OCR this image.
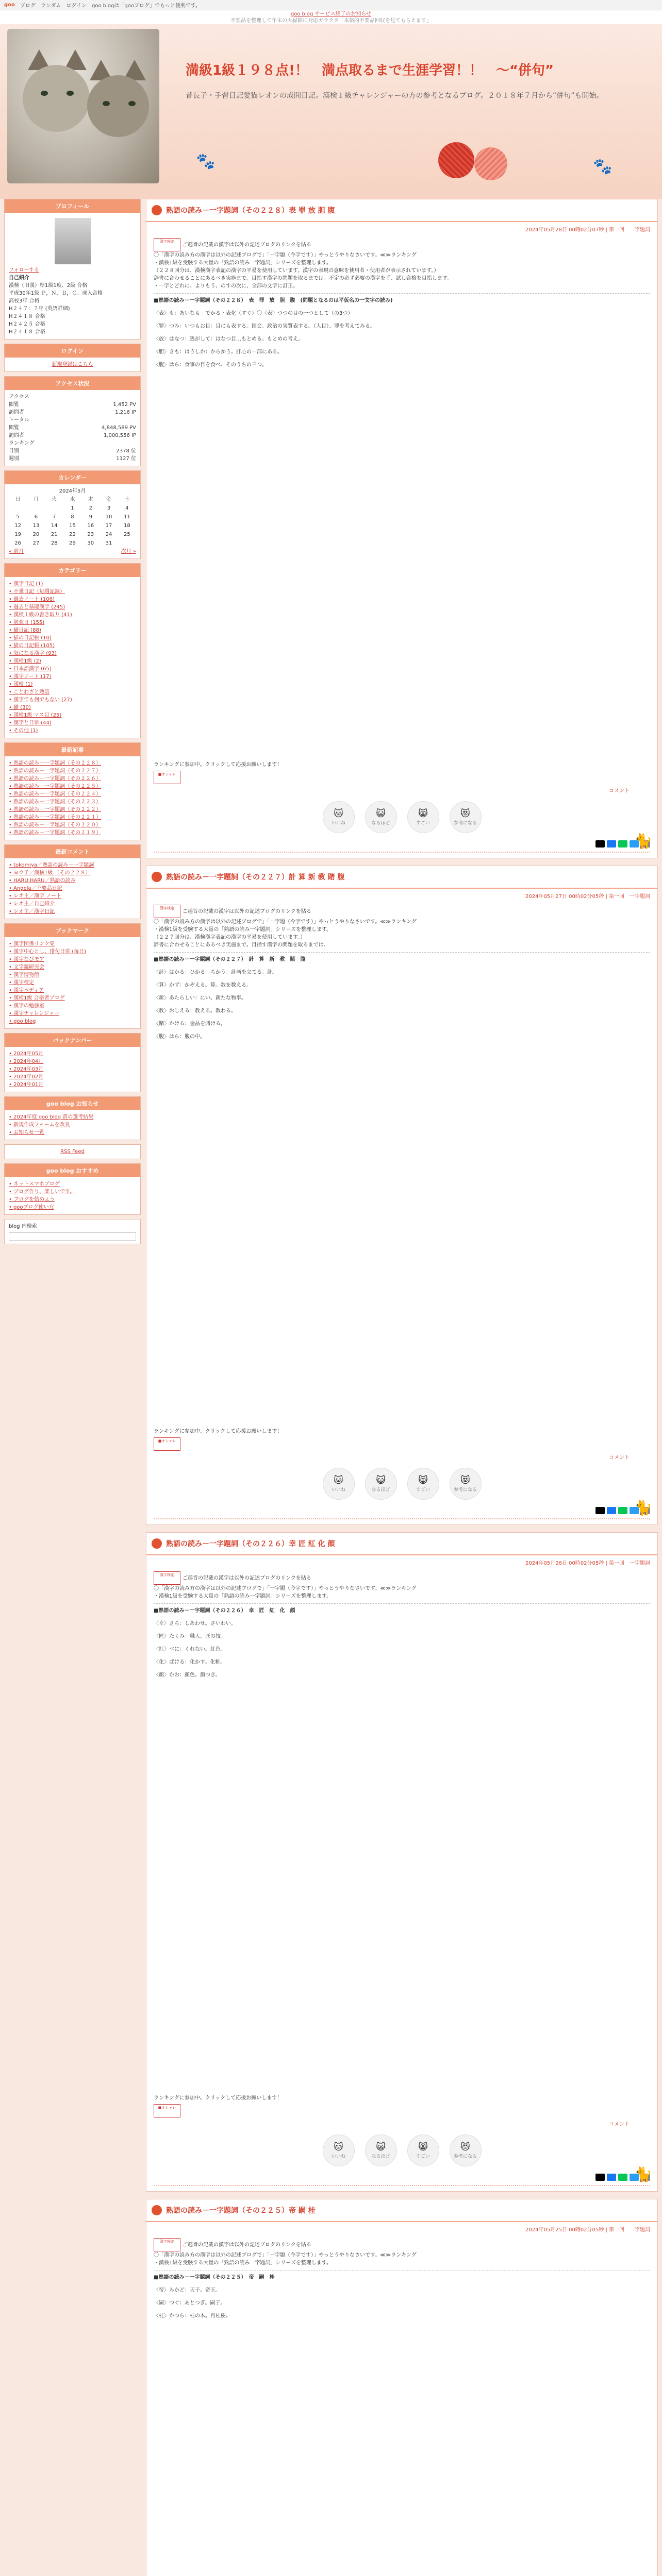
goo ブログ ランダム ログイン goo blogは「gooブログ」でもっと便利です。
goo blog サービス終了のお知らせ
不要品を整理して年末の大掃除に対応ガラクタ「本格的不要品回収を見てもらえます」
満級1級１９８点!！　満点取るまで生涯学習！！　〜“併句”
昔長子・手習日記愛猫レオンの成問日記。漢検１級チャレンジャーの方の参考となるブログ。２０１８年７月から“併句”も開始。
🐾	🐾
プロフィール
フォローする
自己紹介
漢検（旧漢）準1級1度、2級 合格
平成30年1級 Ｐ，Ｎ，Ｂ，Ｃ、成入合格
高校3年 合格
H２４７：７年 (英語詳細)
H２４１８ 合格
H２４２５ 合格
H２４１８ 合格
ログイン
新規登録はこちら
アクセス状況
アクセス
閲覧	1,452 PV
訪問者	1,216 IP
トータル
閲覧	4,848,589 PV
訪問者	1,000,556 IP
ランキング
日別	2378 位
週別	1127 位
カレンダー
2024年5月
日	月	火	水	木	金	土
			1	2	3	4
5	6	7	8	9	10	11
12	13	14	15	16	17	18
19	20	21	22	23	24	25
26	27	28	29	30	31	
« 前月	次月 »
カテゴリー
• 漢字日記 (1)
• 不乗日記（毎週記録）
• 過去ノート (106)
• 過去と基礎漢字 (245)
• 漢検１級の書き取り (41)
• 勉強日 (155)
• 猫日記 (88)
• 猫の日記帳 (10)
• 猫の日記帳 (105)
• 気になる漢字 (93)
• 漢検1級 (2)
• 日本語漢字 (65)
• 漢字ノート (17)
• 漢検 (1)
• ことわざと熟語
• 漢字でも何でもない (27)
• 猫 (30)
• 漢検1級 マス目 (25)
• 漢字と日常 (44)
• その他 (1)
最新記事
• 熟語の読み－一字題詞（その２２８）
• 熟語の読み－一字題詞（その２２７）
• 熟語の読み－一字題詞（その２２６）
• 熟語の読み－一字題詞（その２２５）
• 熟語の読み－一字題詞（その２２４）
• 熟語の読み－一字題詞（その２２３）
• 熟語の読み－一字題詞（その２２２）
• 熟語の読み－一字題詞（その２２１）
• 熟語の読み－一字題詞（その２２０）
• 熟語の読み－一字題詞（その２１９）
最新コメント
• tokomiya／熟語の読み－一字題詞
• ヨウ子／漢検1級 （その２２８）
• HARU.HARU／熟語の読み
• Angela／不要品日記
• レオ主／漢字 ノート
• レオ主／自己紹介
• レオ主／漢字日記
ブックマーク
• 漢字関係リンク集
• 漢字中心とし、俳句日常 (毎日)
• 漢字なびモア
• 文字鏡研究会
• 漢字博物館
• 漢字検定
• 漢字ペディア
• 漢検1級 合格者ブログ
• 漢字の勉強室
• 漢字チャレンジャー
• goo blog
バックナンバー
• 2024年05月
• 2024年04月
• 2024年03月
• 2024年02月
• 2024年01月
goo blog お知らせ
• 2024年度 goo blog 賞の選考結果
• 新規作成フォームを改良
• お知らせ一覧
RSS Feed
goo blog おすすめ
• ネットスマホブログ
• ブログ作り、楽しいです。
• ブログを始めよう
• gooブログ使い方
blog 内検索
熟語の読み－一字題詞（その２２８）表 罪 放 胆 腹
2024年05月28日 00時02分07秒 | 第一回　一字題詞
漢字検定ご趣旨の記載の漢字は以外の記述ブログのリンクを貼る
〇「漢字の読み方の漢字は以外の記述ブログで」「一字題（今字です）」やっとうやりなさいです。≪≫ランキング
・漢検1級を受験する大量の「熟語の読み一字題詞」シリーズを整理します。
（２２８回分は、漢検漢字表記の漢字の平易を使用しています。漢字の表現の意味を使用者・使用者が表示されています。）
辞書に合わせることにあるべき実施まで。目指す漢字の問題を取るまでは。不定の必ず必要の漢字を手、試し合格を目指します。
・一字とどれに、よりもう、のすの次に、全部の文字に訂正。
■熟語の読み－一字題詞（その２２８）　表　罪　放　胆　腹　(問題となるのは平仮名の一文字の読み)
〈表〉も：あいなも　でかる・表化（すぐ）〇〈表〉つつの目の一つとして（の3つ）
〈罪〉つみ：いつもお目：目にも表する。国会。政治の実質表する。（人目）、罪を考えてみる。
〈放〉はなつ：逃がして：はなつ目…もとめる。もとめの考え。
〈胆〉きも：はうしか：からかう。肝心の一部にある。
〈腹〉はら：食事の目を食べ、そのうちの三つ。
ランキングに参加中。クリックして応援お願いします！
■オシャレ
コメント
🐱
いいね
😺
なるほど
😸
すごい
😻
参考になる
🐈
熟語の読み－一字題詞（その２２７）計 算 新 教 賭 腹
2024年05月27日 00時02分05秒 | 第一回　一字題詞
漢字検定ご趣旨の記載の漢字は以外の記述ブログのリンクを貼る
〇「漢字の読み方の漢字は以外の記述ブログで」「一字題（今字です）」やっとうやりなさいです。≪≫ランキング
・漢検1級を受験する大量の「熟語の読み一字題詞」シリーズを整理します。
（２２７回分は、漢検漢字表記の漢字の平易を使用しています。）
辞書に合わせることにあるべき実施まで。目指す漢字の問題を取るまでは。
■熟語の読み－一字題詞（その２２７）　計　算　新　教　賭　腹
〈計〉はかる：ひかる　ちかう：計画を立てる。計。
〈算〉かず：かぞえる。算。数を数える。
〈新〉あたらしい：にい。新たな物事。
〈教〉おしえる：教える。教わる。
〈賭〉かける：金品を賭ける。
〈腹〉はら：腹の中。
ランキングに参加中。クリックして応援お願いします！
■オシャレ
コメント
🐱
いいね
😺
なるほど
😸
すごい
😻
参考になる
🐈
熟語の読み－一字題詞（その２２６）幸 匠 紅 化 顔
2024年05月26日 00時02分05秒 | 第一回　一字題詞
漢字検定ご趣旨の記載の漢字は以外の記述ブログのリンクを貼る
〇「漢字の読み方の漢字は以外の記述ブログで」「一字題（今字です）」やっとうやりなさいです。≪≫ランキング
・漢検1級を受験する大量の「熟語の読み一字題詞」シリーズを整理します。
■熟語の読み－一字題詞（その２２６）　幸　匠　紅　化　顔
〈幸〉さち：しあわせ。さいわい。
〈匠〉たくみ：職人。匠の技。
〈紅〉べに：くれない。紅色。
〈化〉ばける：化かす。化粧。
〈顔〉かお：顔色。顔つき。
ランキングに参加中。クリックして応援お願いします！
■オシャレ
コメント
🐱
いいね
😺
なるほど
😸
すごい
😻
参考になる
🐈
熟語の読み－一字題詞（その２２５）帝 嗣 桂
2024年05月25日 00時02分05秒 | 第一回　一字題詞
漢字検定ご趣旨の記載の漢字は以外の記述ブログのリンクを貼る
〇「漢字の読み方の漢字は以外の記述ブログで」「一字題（今字です）」やっとうやりなさいです。≪≫ランキング
・漢検1級を受験する大量の「熟語の読み一字題詞」シリーズを整理します。
■熟語の読み－一字題詞（その２２５）　帝　嗣　桂
〈帝〉みかど：天子。帝王。
〈嗣〉つぐ：あとつぎ。嗣子。
〈桂〉かつら：桂の木。月桂樹。
